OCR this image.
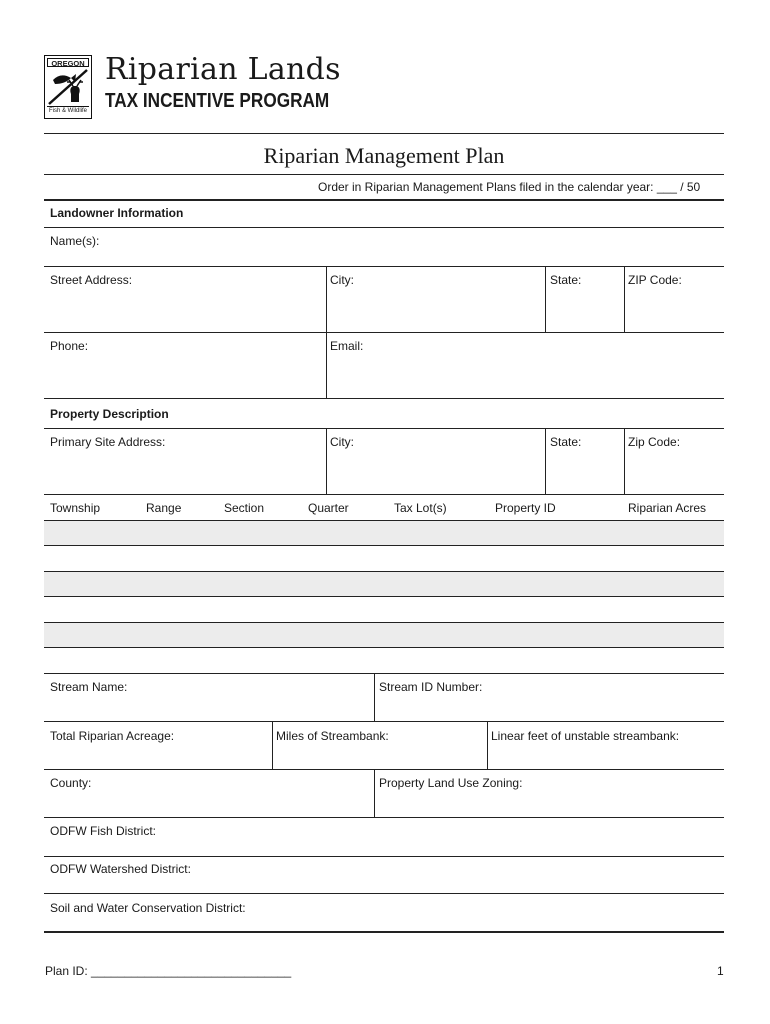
OREGON
Fish & Wildlife
Riparian Lands
TAX INCENTIVE PROGRAM
Riparian Management Plan
Order in Riparian Management Plans filed in the calendar year: ___ / 50
Landowner Information
Name(s):
Street Address:	City:	State:	ZIP Code:
Phone:	Email:
Property Description
Primary Site Address:	City:	State:	Zip Code:
Township	Range	Section	Quarter	Tax Lot(s)	Property ID	Riparian Acres
Stream Name:	Stream ID Number:
Total Riparian Acreage:	Miles of Streambank:	Linear feet of unstable streambank:
County:	Property Land Use Zoning:
ODFW Fish District:
ODFW Watershed District:
Soil and Water Conservation District:
Plan ID: ______________________________	1
